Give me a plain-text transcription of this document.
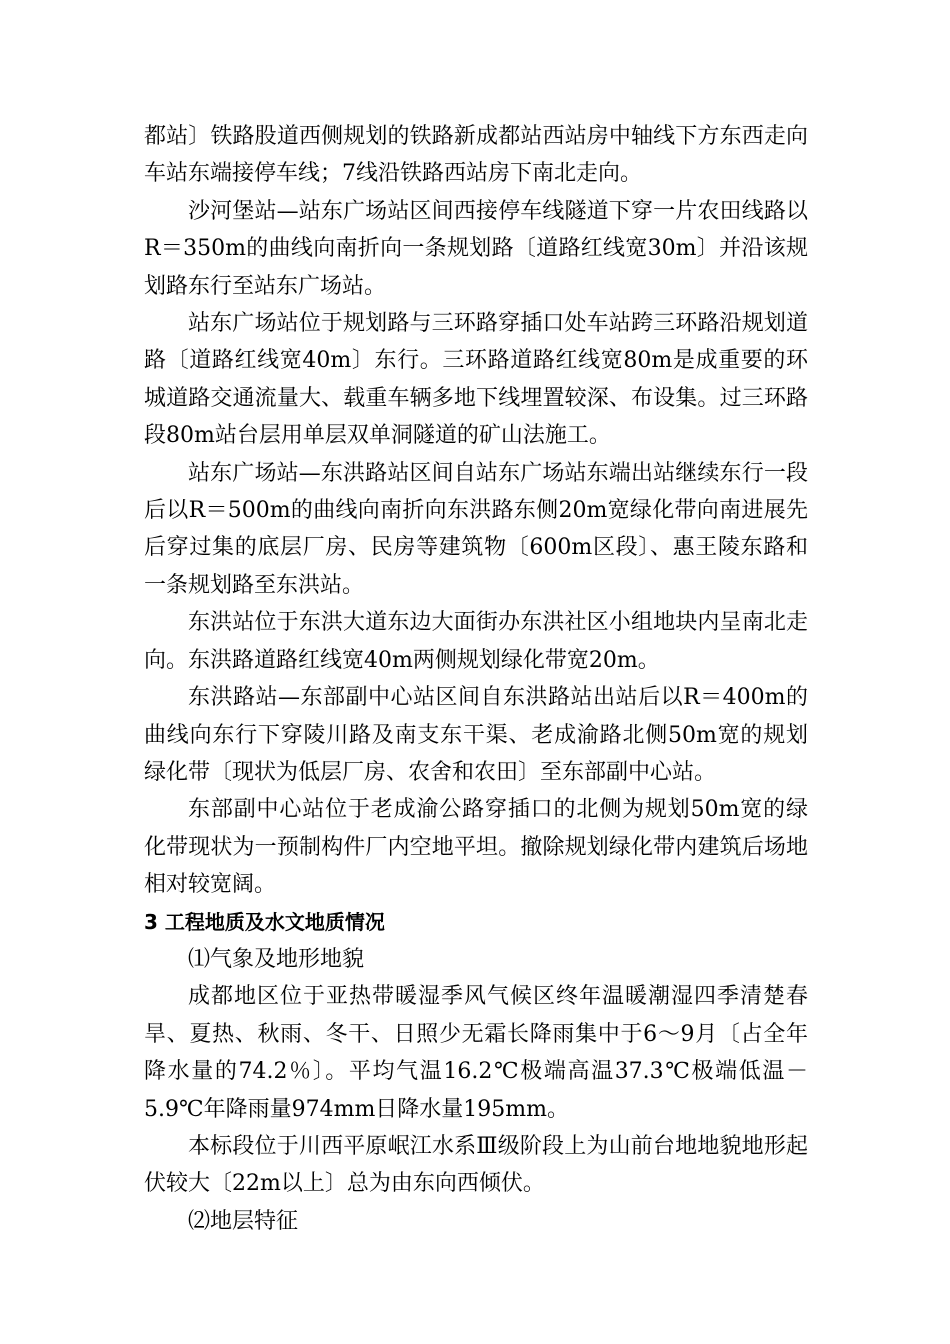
都站〕铁路股道西侧规划的铁路新成都站西站房中轴线下方东西走向车站东端接停车线；7线沿铁路西站房下南北走向。

沙河堡站—站东广场站区间西接停车线隧道下穿一片农田线路以R＝350m的曲线向南折向一条规划路〔道路红线宽30m〕并沿该规划路东行至站东广场站。

站东广场站位于规划路与三环路穿插口处车站跨三环路沿规划道路〔道路红线宽40m〕东行。三环路道路红线宽80m是成重要的环城道路交通流量大、载重车辆多地下线埋置较深、布设集。过三环路段80m站台层用单层双单洞隧道的矿山法施工。

站东广场站—东洪路站区间自站东广场站东端出站继续东行一段后以R＝500m的曲线向南折向东洪路东侧20m宽绿化带向南进展先后穿过集的底层厂房、民房等建筑物〔600m区段〕、惠王陵东路和一条规划路至东洪站。

东洪站位于东洪大道东边大面街办东洪社区小组地块内呈南北走向。东洪路道路红线宽40m两侧规划绿化带宽20m。

东洪路站—东部副中心站区间自东洪路站出站后以R＝400m的曲线向东行下穿陵川路及南支东干渠、老成渝路北侧50m宽的规划绿化带〔现状为低层厂房、农舍和农田〕至东部副中心站。

东部副中心站位于老成渝公路穿插口的北侧为规划50m宽的绿化带现状为一预制构件厂内空地平坦。撤除规划绿化带内建筑后场地相对较宽阔。

3 工程地质及水文地质情况

⑴气象及地形地貌

成都地区位于亚热带暖湿季风气候区终年温暖潮湿四季清楚春旱、夏热、秋雨、冬干、日照少无霜长降雨集中于6～9月〔占全年降水量的74.2％〕。平均气温16.2℃极端高温37.3℃极端低温－5.9℃年降雨量974mm日降水量195mm。

本标段位于川西平原岷江水系Ⅲ级阶段上为山前台地地貌地形起伏较大〔22m以上〕总为由东向西倾伏。

⑵地层特征
